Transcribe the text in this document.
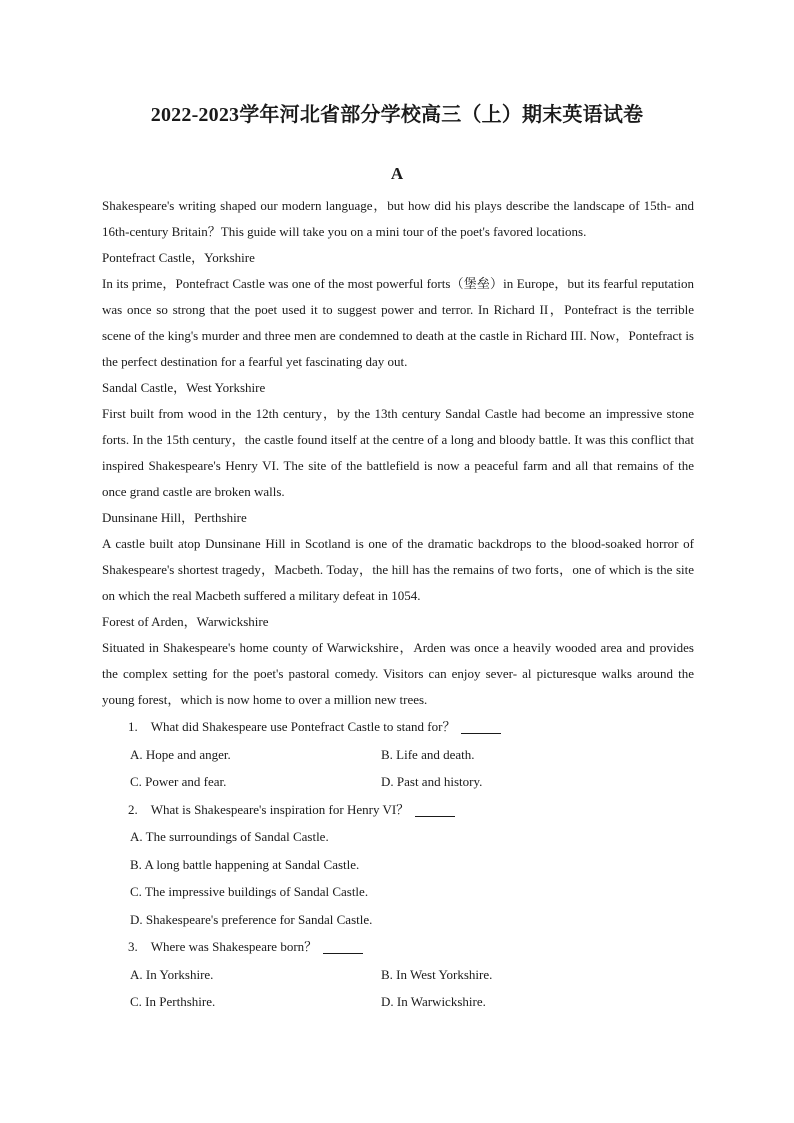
2022-2023学年河北省部分学校高三（上）期末英语试卷
A

Shakespeare's writing shaped our modern language，but how did his plays describe the landscape of 15th- and 16th-century Britain？This guide will take you on a mini tour of the poet's favored locations.

Pontefract Castle，Yorkshire

In its prime，Pontefract Castle was one of the most powerful forts（堡垒）in Europe，but its fearful reputation was once so strong that the poet used it to suggest power and terror. In Richard II，Pontefract is the terrible scene of the king's murder and three men are condemned to death at the castle in Richard III. Now，Pontefract is the perfect destination for a fearful yet fascinating day out.

Sandal Castle，West Yorkshire

First built from wood in the 12th century，by the 13th century Sandal Castle had become an impressive stone forts. In the 15th century，the castle found itself at the centre of a long and bloody battle. It was this conflict that inspired Shakespeare's Henry VI. The site of the battlefield is now a peaceful farm and all that remains of the once grand castle are broken walls.

Dunsinane Hill，Perthshire

A castle built atop Dunsinane Hill in Scotland is one of the dramatic backdrops to the blood-soaked horror of Shakespeare's shortest tragedy，Macbeth. Today，the hill has the remains of two forts，one of which is the site on which the real Macbeth suffered a military defeat in 1054.

Forest of Arden，Warwickshire

Situated in Shakespeare's home county of Warwickshire，Arden was once a heavily wooded area and provides the complex setting for the poet's pastoral comedy. Visitors can enjoy sever- al picturesque walks around the young forest，which is now home to over a million new trees.

1.　What did Shakespeare use Pontefract Castle to stand for？
A. Hope and anger.	B. Life and death.
C. Power and fear.	D. Past and history.
2.　What is Shakespeare's inspiration for Henry VI？
A. The surroundings of Sandal Castle.
B. A long battle happening at Sandal Castle.
C. The impressive buildings of Sandal Castle.
D. Shakespeare's preference for Sandal Castle.
3.　Where was Shakespeare born？
A. In Yorkshire.	B. In West Yorkshire.
C. In Perthshire.	D. In Warwickshire.
